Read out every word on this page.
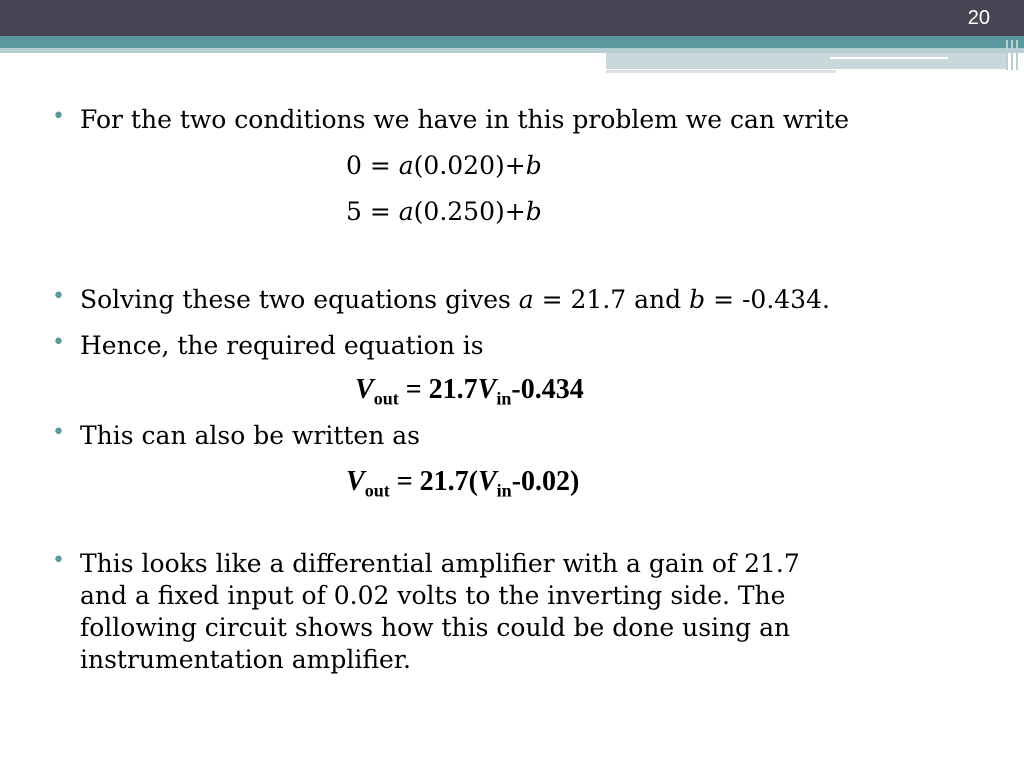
20
• For the two conditions we have in this problem we can write
0 = a(0.020)+b
5 = a(0.250)+b
• Solving these two equations gives a = 21.7 and b = -0.434.
• Hence, the required equation is
$V_{out} = 21.7V_{in}-0.434$
• This can also be written as
$V_{out} = 21.7(V_{in}-0.02)$
• This looks like a differential amplifier with a gain of 21.7
and a fixed input of 0.02 volts to the inverting side. The
following circuit shows how this could be done using an
instrumentation amplifier.
